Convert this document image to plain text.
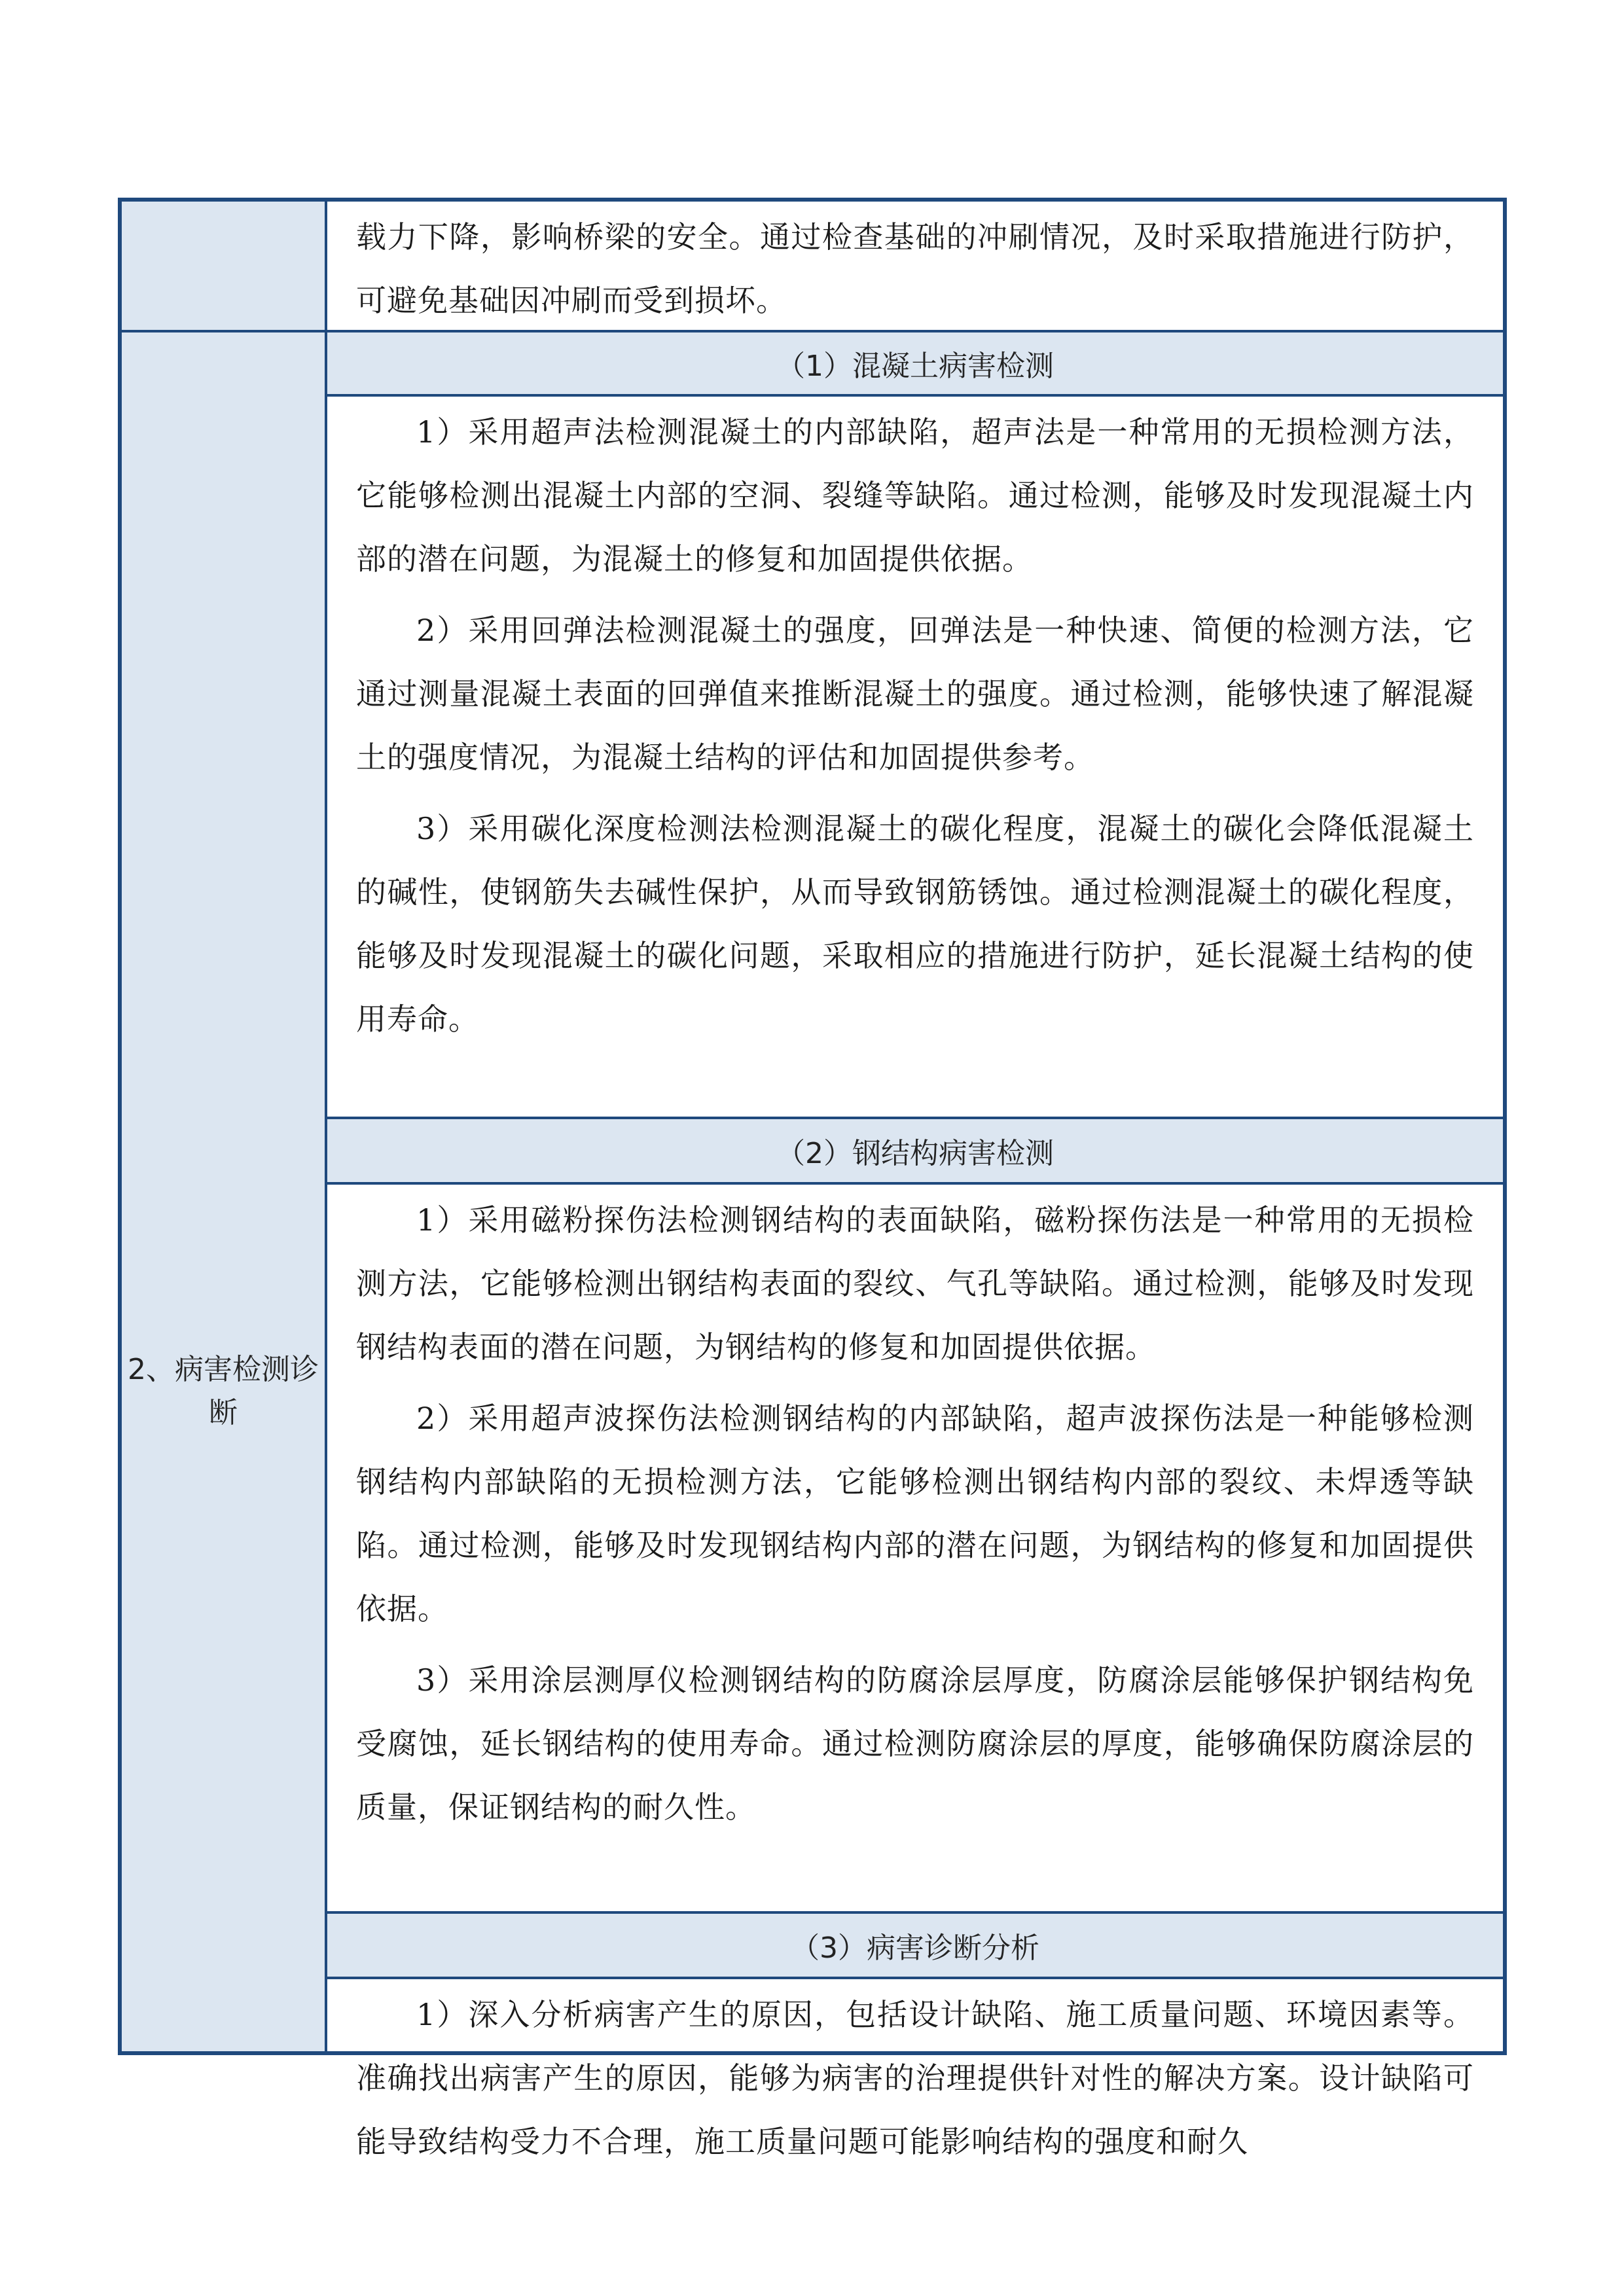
2、病害检测诊断

载力下降，影响桥梁的安全。通过检查基础的冲刷情况，及时采取措施进行防护，可避免基础因冲刷而受到损坏。

（1）混凝土病害检测

1）采用超声法检测混凝土的内部缺陷，超声法是一种常用的无损检测方法，它能够检测出混凝土内部的空洞、裂缝等缺陷。通过检测，能够及时发现混凝土内部的潜在问题，为混凝土的修复和加固提供依据。

2）采用回弹法检测混凝土的强度，回弹法是一种快速、简便的检测方法，它通过测量混凝土表面的回弹值来推断混凝土的强度。通过检测，能够快速了解混凝土的强度情况，为混凝土结构的评估和加固提供参考。

3）采用碳化深度检测法检测混凝土的碳化程度，混凝土的碳化会降低混凝土的碱性，使钢筋失去碱性保护，从而导致钢筋锈蚀。通过检测混凝土的碳化程度，能够及时发现混凝土的碳化问题，采取相应的措施进行防护，延长混凝土结构的使用寿命。

（2）钢结构病害检测

1）采用磁粉探伤法检测钢结构的表面缺陷，磁粉探伤法是一种常用的无损检测方法，它能够检测出钢结构表面的裂纹、气孔等缺陷。通过检测，能够及时发现钢结构表面的潜在问题，为钢结构的修复和加固提供依据。

2）采用超声波探伤法检测钢结构的内部缺陷，超声波探伤法是一种能够检测钢结构内部缺陷的无损检测方法，它能够检测出钢结构内部的裂纹、未焊透等缺陷。通过检测，能够及时发现钢结构内部的潜在问题，为钢结构的修复和加固提供依据。

3）采用涂层测厚仪检测钢结构的防腐涂层厚度，防腐涂层能够保护钢结构免受腐蚀，延长钢结构的使用寿命。通过检测防腐涂层的厚度，能够确保防腐涂层的质量，保证钢结构的耐久性。

（3）病害诊断分析

1）深入分析病害产生的原因，包括设计缺陷、施工质量问题、环境因素等。准确找出病害产生的原因，能够为病害的治理提供针对性的解决方案。设计缺陷可能导致结构受力不合理，施工质量问题可能影响结构的强度和耐久
